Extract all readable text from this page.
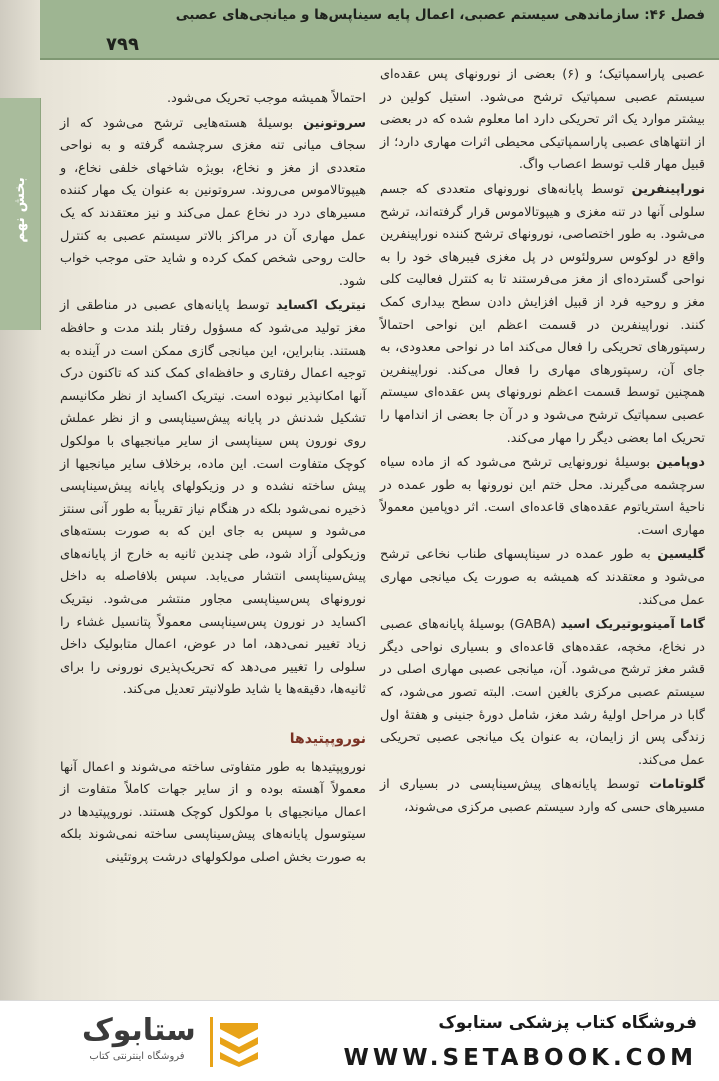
فصل ۴۶: سازماندهی سیستم عصبی، اعمال پایه سیناپس‌ها و میانجی‌های عصبی
۷۹۹
بخش نهم

عصبی پاراسمپاتیک؛ و (۶) بعضی از نورونهای پس عقده‌ای سیستم عصبی سمپاتیک ترشح می‌شود. استیل کولین در بیشتر موارد یک اثر تحریکی دارد اما معلوم شده که در بعضی از انتهاهای عصبی پاراسمپاتیکی محیطی اثرات مهاری دارد؛ از قبیل مهار قلب توسط اعصاب واگ.

نوراپینفرین توسط پایانه‌های نورونهای متعددی که جسم سلولی آنها در تنه مغزی و هیپوتالاموس قرار گرفته‌اند، ترشح می‌شود. به طور اختصاصی، نورونهای ترشح کننده نوراپینفرین واقع در لوکوس سرولئوس در پل مغزی فیبرهای خود را به نواحی گسترده‌ای از مغز می‌فرستند تا به کنترل فعالیت کلی مغز و روحیه فرد از قبیل افزایش دادن سطح بیداری کمک کنند. نوراپینفرین در قسمت اعظم این نواحی احتمالاً رسپتورهای تحریکی را فعال می‌کند اما در نواحی معدودی، به جای آن، رسپتورهای مهاری را فعال می‌کند. نوراپینفرین همچنین توسط قسمت اعظم نورونهای پس عقده‌ای سیستم عصبی سمپاتیک ترشح می‌شود و در آن جا بعضی از اندامها را تحریک اما بعضی دیگر را مهار می‌کند.

دوپامین بوسیلهٔ نورونهایی ترشح می‌شود که از ماده سیاه سرچشمه می‌گیرند. محل ختم این نورونها به طور عمده در ناحیهٔ استریاتوم عقده‌های قاعده‌ای است. اثر دوپامین معمولاً مهاری است.

گلیسین به طور عمده در سیناپسهای طناب نخاعی ترشح می‌شود و معتقدند که همیشه به صورت یک میانجی مهاری عمل می‌کند.

گاما آمینوبوتیریک اسید (GABA) بوسیلهٔ پایانه‌های عصبی در نخاع، مخچه، عقده‌های قاعده‌ای و بسیاری نواحی دیگر قشر مغز ترشح می‌شود. آن، میانجی عصبی مهاری اصلی در سیستم عصبی مرکزی بالغین است. البته تصور می‌شود، که گابا در مراحل اولیهٔ رشد مغز، شامل دورهٔ جنینی و هفتهٔ اول زندگی پس از زایمان، به عنوان یک میانجی عصبی تحریکی عمل می‌کند.

گلوتامات توسط پایانه‌های پیش‌سیناپسی در بسیاری از مسیرهای حسی که وارد سیستم عصبی مرکزی می‌شوند،

احتمالاً همیشه موجب تحریک می‌شود.

سروتونین بوسیلهٔ هسته‌هایی ترشح می‌شود که از سجاف میانی تنه مغزی سرچشمه گرفته و به نواحی متعددی از مغز و نخاع، بویژه شاخهای خلفی نخاع، و هیپوتالاموس می‌روند. سروتونین به عنوان یک مهار کننده مسیرهای درد در نخاع عمل می‌کند و نیز معتقدند که یک عمل مهاری آن در مراکز بالاتر سیستم عصبی به کنترل حالت روحی شخص کمک کرده و شاید حتی موجب خواب شود.

نیتریک اکساید توسط پایانه‌های عصبی در مناطقی از مغز تولید می‌شود که مسؤول رفتار بلند مدت و حافظه هستند. بنابراین، این میانجی گازی ممکن است در آینده به توجیه اعمال رفتاری و حافظه‌ای کمک کند که تاکنون درک آنها امکانپذیر نبوده است. نیتریک اکساید از نظر مکانیسم تشکیل شدنش در پایانه پیش‌سیناپسی و از نظر عملش روی نورون پس سیناپسی از سایر میانجیهای با مولکول کوچک متفاوت است. این ماده، برخلاف سایر میانجیها از پیش ساخته نشده و در وزیکولهای پایانه پیش‌سیناپسی ذخیره نمی‌شود بلکه در هنگام نیاز تقریباً به طور آنی سنتز می‌شود و سپس به جای این که به صورت بسته‌های وزیکولی آزاد شود، طی چندین ثانیه به خارج از پایانه‌های پیش‌سیناپسی انتشار می‌یابد. سپس بلافاصله به داخل نورونهای پس‌سیناپسی مجاور منتشر می‌شود. نیتریک اکساید در نورون پس‌سیناپسی معمولاً پتانسیل غشاء را زیاد تغییر نمی‌دهد، اما در عوض، اعمال متابولیک داخل سلولی را تغییر می‌دهد که تحریک‌پذیری نورونی را برای ثانیه‌ها، دقیقه‌ها یا شاید طولانیتر تعدیل می‌کند.

نوروپپتیدها

نوروپپتیدها به طور متفاوتی ساخته می‌شوند و اعمال آنها معمولاً آهسته بوده و از سایر جهات کاملاً متفاوت از اعمال میانجیهای با مولکول کوچک هستند. نوروپپتیدها در سیتوسول پایانه‌های پیش‌سیناپسی ساخته نمی‌شوند بلکه به صورت بخش اصلی مولکولهای درشت پروتئینی

ستابوک
فروشگاه اینترنتی کتاب
فروشگاه کتاب پزشکی ستابوک
WWW.SETABOOK.COM
